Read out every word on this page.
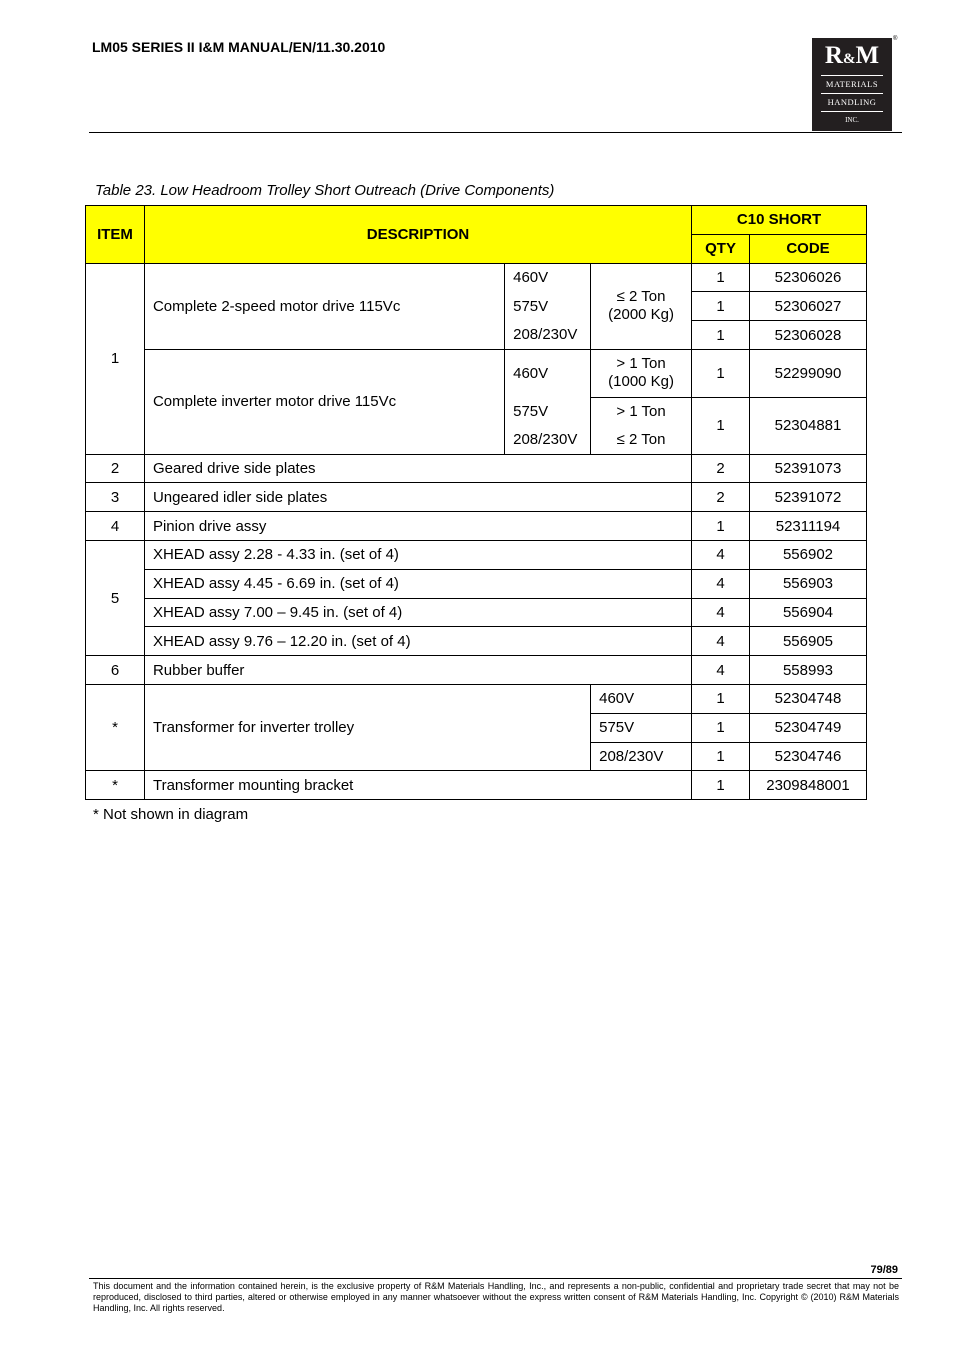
LM05 SERIES II I&M MANUAL/EN/11.30.2010	R&M
MATERIALS
HANDLING
INC.
®
Table 23. Low Headroom Trolley Short Outreach (Drive Components)
ITEM	DESCRIPTION			C10 SHORT	
				QTY	CODE
1	Complete 2-speed motor drive 115Vc	460V	≤ 2 Ton (2000 Kg)	1	52306026
		575V		1	52306027
		208/230V		1	52306028
	Complete inverter motor drive 115Vc	460V	> 1 Ton (1000 Kg)	1	52299090
		575V	> 1 Ton	1	52304881
		208/230V	≤ 2 Ton		
2	Geared drive side plates			2	52391073
3	Ungeared idler side plates			2	52391072
4	Pinion drive assy			1	52311194
5	XHEAD assy 2.28 - 4.33 in. (set of 4)			4	556902
	XHEAD assy 4.45 - 6.69 in. (set of 4)			4	556903
	XHEAD assy 7.00 – 9.45 in. (set of 4)			4	556904
	XHEAD assy 9.76 – 12.20 in. (set of 4)			4	556905
6	Rubber buffer			4	558993
*	Transformer for inverter trolley		460V	1	52304748
			575V	1	52304749
			208/230V	1	52304746
*	Transformer mounting bracket			1	2309848001
* Not shown in diagram
79/89
This document and the information contained herein, is the exclusive property of R&M Materials Handling, Inc., and represents a non-public, confidential and proprietary trade secret that may not be reproduced, disclosed to third parties, altered or otherwise employed in any manner whatsoever without the express written consent of R&M Materials Handling, Inc. Copyright © (2010) R&M Materials Handling, Inc. All rights reserved.
